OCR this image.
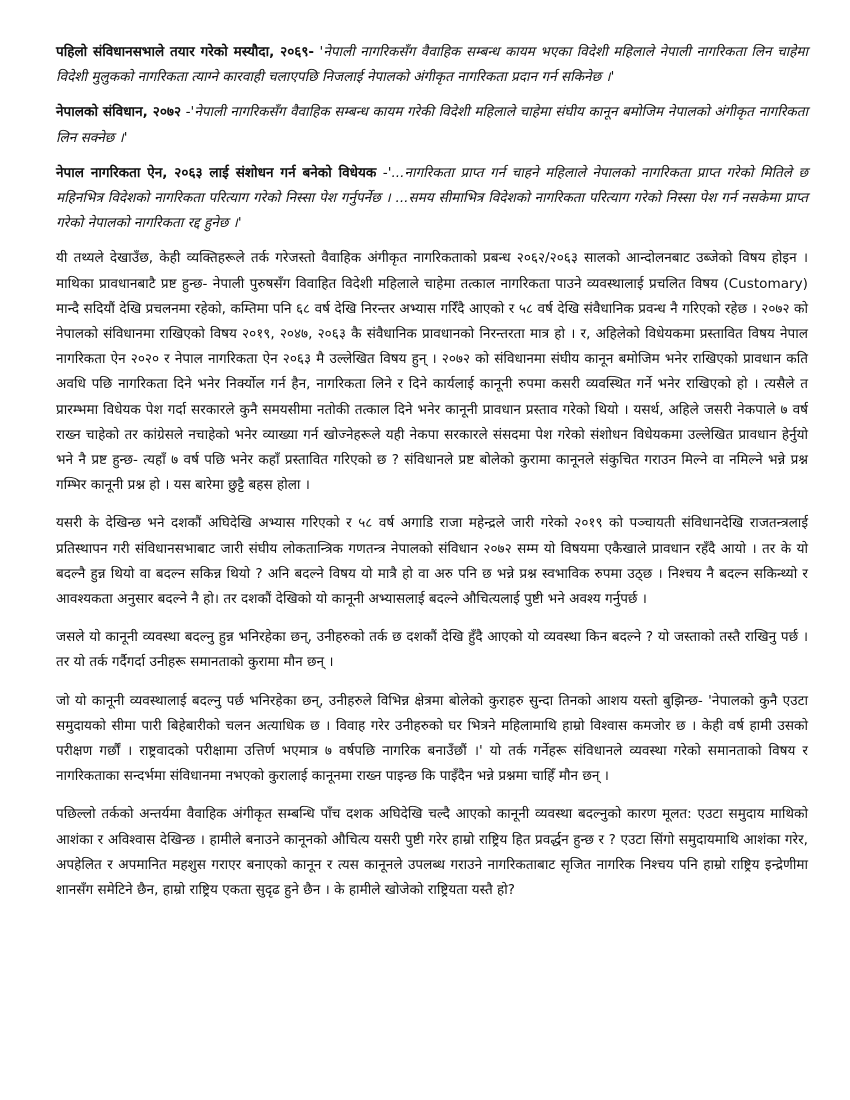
पहिलो संविधानसभाले तयार गरेको मस्यौदा, २०६९- 'नेपाली नागरिकसँग वैवाहिक सम्बन्ध कायम भएका विदेशी महिलाले नेपाली नागरिकता लिन चाहेमा विदेशी मुलुकको नागरिकता त्याग्ने कारवाही चलाएपछि निजलाई नेपालको अंगीकृत नागरिकता प्रदान गर्न सकिनेछ ।'

नेपालको संविधान, २०७२ -'नेपाली नागरिकसँग वैवाहिक सम्बन्ध कायम गरेकी विदेशी महिलाले चाहेमा संघीय कानून बमोजिम नेपालको अंगीकृत नागरिकता लिन सक्नेछ ।'

नेपाल नागरिकता ऐन, २०६३ लाई संशोधन गर्न बनेको विधेयक -'...नागरिकता प्राप्त गर्न चाहने महिलाले नेपालको नागरिकता प्राप्त गरेको मितिले छ महिनभित्र विदेशको नागरिकता परित्याग गरेको निस्सा पेश गर्नुपर्नेछ । ...समय सीमाभित्र विदेशको नागरिकता परित्याग गरेको निस्सा पेश गर्न नसकेमा प्राप्त गरेको नेपालको नागरिकता रद्द हुनेछ ।'

यी तथ्यले देखाउँछ, केही व्यक्तिहरूले तर्क गरेजस्तो वैवाहिक अंगीकृत नागरिकताको प्रबन्ध २०६२/२०६३ सालको आन्दोलनबाट उब्जेको विषय होइन । माथिका प्रावधानबाटै प्रष्ट हुन्छ- नेपाली पुरुषसँग विवाहित विदेशी महिलाले चाहेमा तत्काल नागरिकता पाउने व्यवस्थालाई प्रचलित विषय (Customary) मान्दै सदियौं देखि प्रचलनमा रहेको, कम्तिमा पनि ६८ वर्ष देखि निरन्तर अभ्यास गरिँदै आएको र ५८ वर्ष देखि संवैधानिक प्रवन्ध नै गरिएको रहेछ । २०७२ को नेपालको संविधानमा राखिएको विषय २०१९, २०४७, २०६३ कै संवैधानिक प्रावधानको निरन्तरता मात्र हो । र, अहिलेको विधेयकमा प्रस्तावित विषय नेपाल नागरिकता ऐन २०२० र नेपाल नागरिकता ऐन २०६३ मै उल्लेखित विषय हुन् । २०७२ को संविधानमा संघीय कानून बमोजिम भनेर राखिएको प्रावधान कति अवधि पछि नागरिकता दिने भनेर निर्क्योल गर्न हैन, नागरिकता लिने र दिने कार्यलाई कानूनी रुपमा कसरी व्यवस्थित गर्ने भनेर राखिएको हो । त्यसैले त प्रारम्भमा विधेयक पेश गर्दा सरकारले कुनै समयसीमा नतोकी तत्काल दिने भनेर कानूनी प्रावधान प्रस्ताव गरेको थियो । यसर्थ, अहिले जसरी नेकपाले ७ वर्ष राख्न चाहेको तर कांग्रेसले नचाहेको भनेर व्याख्या गर्न खोज्नेहरूले यही नेकपा सरकारले संसदमा पेश गरेको संशोधन विधेयकमा उल्लेखित प्रावधान हेर्नुयो भने नै प्रष्ट हुन्छ- त्यहाँ ७ वर्ष पछि भनेर कहाँ प्रस्तावित गरिएको छ ? संविधानले प्रष्ट बोलेको कुरामा कानूनले संकुचित गराउन मिल्ने वा नमिल्ने भन्ने प्रश्न गम्भिर कानूनी प्रश्न हो । यस बारेमा छुट्टै बहस होला ।

यसरी के देखिन्छ भने दशकौं अघिदेखि अभ्यास गरिएको र ५८ वर्ष अगाडि राजा महेन्द्रले जारी गरेको २०१९ को पञ्चायती संविधानदेखि राजतन्त्रलाई प्रतिस्थापन गरी संविधानसभाबाट जारी संघीय लोकतान्त्रिक गणतन्त्र नेपालको संविधान २०७२ सम्म यो विषयमा एकैखाले प्रावधान रहँदै आयो । तर के यो बदल्नै हुन्न थियो वा बदल्न सकिन्न थियो ? अनि बदल्ने विषय यो मात्रै हो वा अरु पनि छ भन्ने प्रश्न स्वभाविक रुपमा उठ्छ । निश्चय नै बदल्न सकिन्थ्यो र आवश्यकता अनुसार बदल्ने नै हो। तर दशकौं देखिको यो कानूनी अभ्यासलाई बदल्ने औचित्यलाई पुष्टी भने अवश्य गर्नुपर्छ ।

जसले यो कानूनी व्यवस्था बदल्नु हुन्न भनिरहेका छन्, उनीहरुको तर्क छ दशकौं देखि हुँदै आएको यो व्यवस्था किन बदल्ने ? यो जस्ताको तस्तै राखिनु पर्छ । तर यो तर्क गर्दैगर्दा उनीहरू समानताको कुरामा मौन छन् ।

जो यो कानूनी व्यवस्थालाई बदल्नु पर्छ भनिरहेका छन्, उनीहरुले विभिन्न क्षेत्रमा बोलेको कुराहरु सुन्दा तिनको आशय यस्तो बुझिन्छ- 'नेपालको कुनै एउटा समुदायको सीमा पारी बिहेबारीको चलन अत्याधिक छ । विवाह गरेर उनीहरुको घर भित्रने महिलामाथि हाम्रो विश्वास कमजोर छ । केही वर्ष हामी उसको परीक्षण गर्छौं । राष्ट्रवादको परीक्षामा उत्तिर्ण भएमात्र ७ वर्षपछि नागरिक बनाउँछौं ।' यो तर्क गर्नेहरू संविधानले व्यवस्था गरेको समानताको विषय र नागरिकताका सन्दर्भमा संविधानमा नभएको कुरालाई कानूनमा राख्न पाइन्छ कि पाइँदैन भन्ने प्रश्नमा चाहिँ मौन छन् ।

पछिल्लो तर्कको अन्तर्यमा वैवाहिक अंगीकृत सम्बन्धि पाँच दशक अघिदेखि चल्दै आएको कानूनी व्यवस्था बदल्नुको कारण मूलत: एउटा समुदाय माथिको आशंका र अविश्वास देखिन्छ । हामीले बनाउने कानूनको औचित्य यसरी पुष्टी गरेर हाम्रो राष्ट्रिय हित प्रवर्द्धन हुन्छ र ? एउटा सिंगो समुदायमाथि आशंका गरेर, अपहेलित र अपमानित महशुस गराएर बनाएको कानून र त्यस कानूनले उपलब्ध गराउने नागरिकताबाट सृजित नागरिक निश्चय पनि हाम्रो राष्ट्रिय इन्द्रेणीमा शानसँग समेटिने छैन, हाम्रो राष्ट्रिय एकता सुदृढ हुने छैन । के हामीले खोजेको राष्ट्रियता यस्तै हो?
